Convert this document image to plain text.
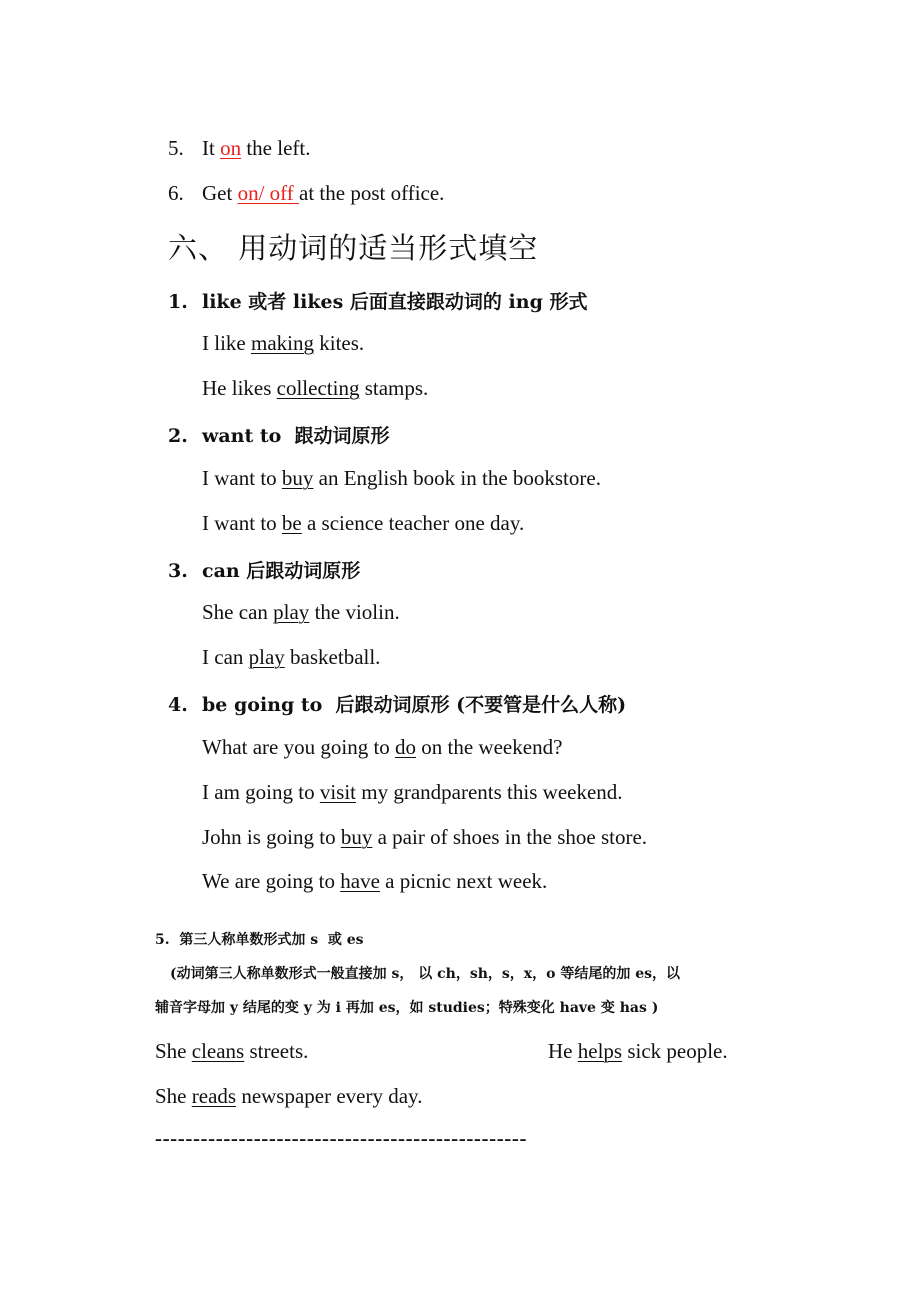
5. It on the left.
6. Get on/ off at the post office.
六、 用动词的适当形式填空
1. like 或者 likes 后面直接跟动词的 ing 形式
I like making kites.
He likes collecting stamps.
2. want to  跟动词原形
I want to buy an English book in the bookstore.
I want to be a science teacher one day.
3. can 后跟动词原形
She can play the violin.
I can play basketball.
4. be going to  后跟动词原形 (不要管是什么人称)
What are you going to do on the weekend?
I am going to visit my grandparents this weekend.
John is going to buy a pair of shoes in the shoe store.
We are going to have a picnic next week.
5.  第三人称单数形式加 s  或 es
(动词第三人称单数形式一般直接加 s， 以 ch，sh，s，x，o 等结尾的加 es，以
辅音字母加 y 结尾的变 y 为 i 再加 es，如 studies；特殊变化 have 变 has )
She cleans streets.	He helps sick people.
She reads newspaper every day.
-------------------------------------------------
